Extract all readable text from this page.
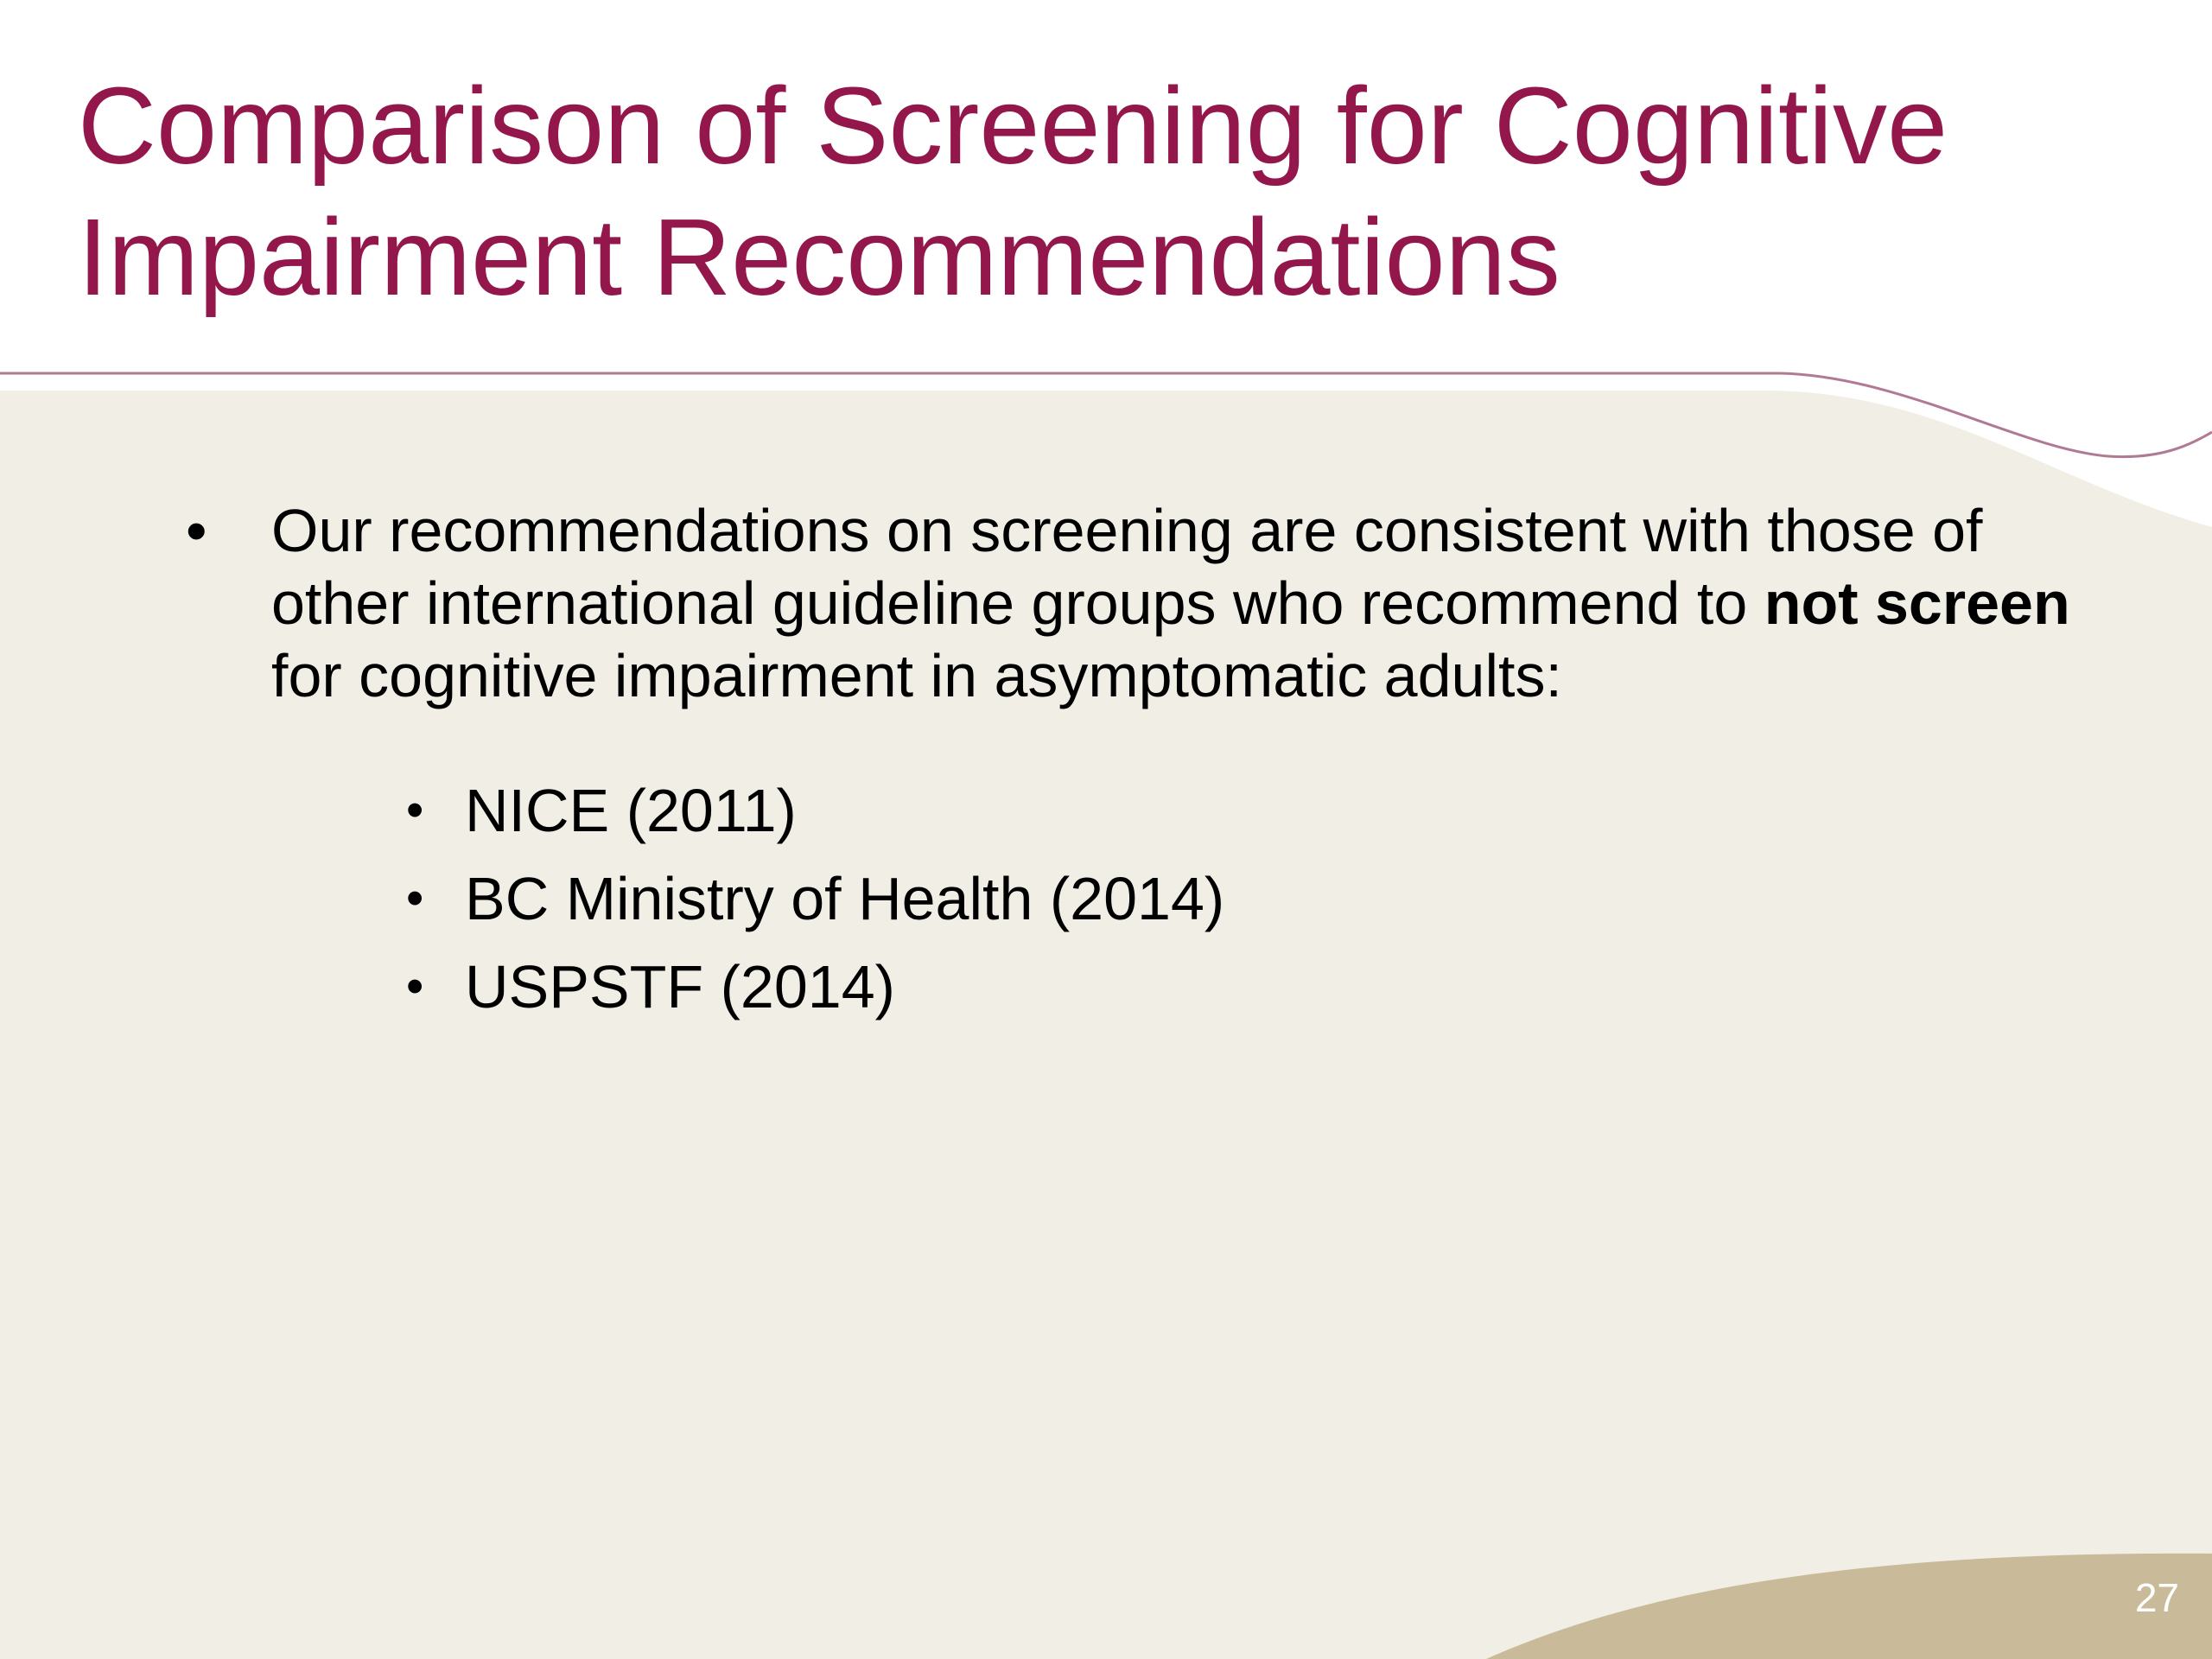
Comparison of Screening for Cognitive
Impairment Recommendations
• Our recommendations on screening are consistent with those of
other international guideline groups who recommend to not screen
for cognitive impairment in asymptomatic adults:
• NICE (2011)
• BC Ministry of Health (2014)
• USPSTF (2014)
27
